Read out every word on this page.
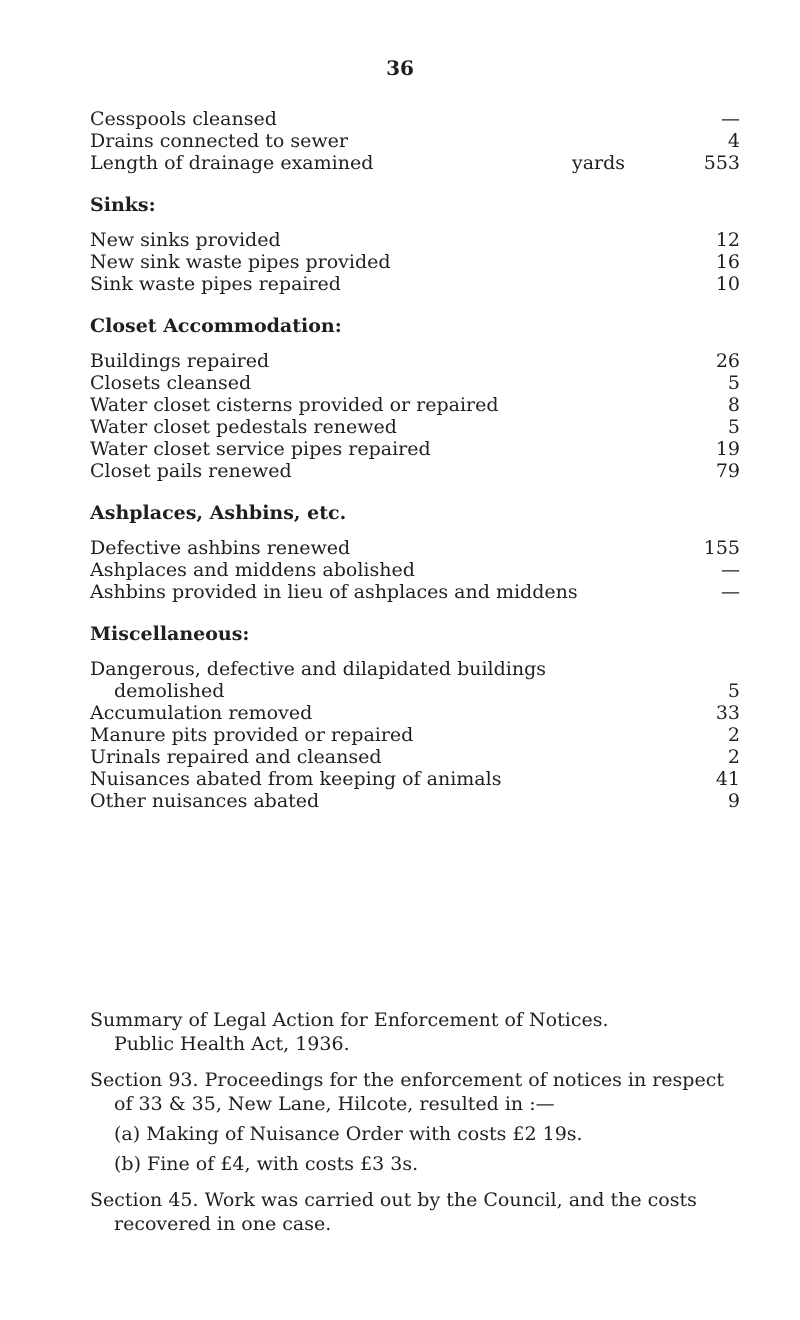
36
Cesspools cleansed	—
Drains connected to sewer	4
Length of drainage examined	yards	553
Sinks:
New sinks provided	12
New sink waste pipes provided	16
Sink waste pipes repaired	10
Closet Accommodation:
Buildings repaired	26
Closets cleansed	5
Water closet cisterns provided or repaired	8
Water closet pedestals renewed	5
Water closet service pipes repaired	19
Closet pails renewed	79
Ashplaces, Ashbins, etc.
Defective ashbins renewed	155
Ashplaces and middens abolished	—
Ashbins provided in lieu of ashplaces and middens	—
Miscellaneous:
Dangerous, defective and dilapidated buildings
demolished	5
Accumulation removed	33
Manure pits provided or repaired	2
Urinals repaired and cleansed	2
Nuisances abated from keeping of animals	41
Other nuisances abated	9

Summary of Legal Action for Enforcement of Notices.

Public Health Act, 1936.

Section 93. Proceedings for the enforcement of notices in respect of 33 & 35, New Lane, Hilcote, resulted in :—

(a) Making of Nuisance Order with costs £2 19s.

(b) Fine of £4, with costs £3 3s.

Section 45. Work was carried out by the Council, and the costs recovered in one case.
